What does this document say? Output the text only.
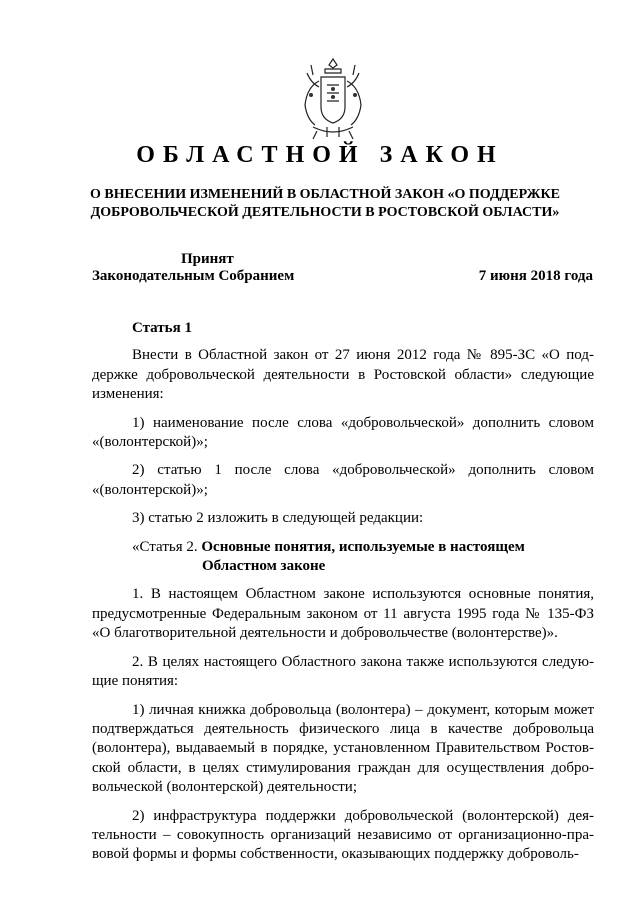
ОБЛАСТНОЙ ЗАКОН
О ВНЕСЕНИИ ИЗМЕНЕНИЙ В ОБЛАСТНОЙ ЗАКОН «О ПОДДЕРЖКЕ
ДОБРОВОЛЬЧЕСКОЙ ДЕЯТЕЛЬНОСТИ В РОСТОВСКОЙ ОБЛАСТИ»
Принят
Законодательным Собранием	7 июня 2018 года

Статья 1

Внести в Областной закон от 27 июня 2012 года № 895-ЗС «О поддержке добровольческой деятельности в Ростовской области» следующие изменения:

1) наименование после слова «добровольческой» дополнить словом «(волонтерской)»;

2) статью 1 после слова «добровольческой» дополнить словом «(волонтерской)»;

3) статью 2 изложить в следующей редакции:

«Статья 2. Основные понятия, используемые в настоящем

Областном законе

1. В настоящем Областном законе используются основные понятия, предусмотренные Федеральным законом от 11 августа 1995 года № 135-ФЗ «О благотворительной деятельности и добровольчестве (волонтерстве)».

2. В целях настоящего Областного закона также используются следующие понятия:

1) личная книжка добровольца (волонтера) – документ, которым может подтверждаться деятельность физического лица в качестве добровольца (волонтера), выдаваемый в порядке, установленном Правительством Ростовской области, в целях стимулирования граждан для осуществления добровольческой (волонтерской) деятельности;

2) инфраструктура поддержки добровольческой (волонтерской) деятельности – совокупность организаций независимо от организационно-правовой формы и формы собственности, оказывающих поддержку доброволь-
